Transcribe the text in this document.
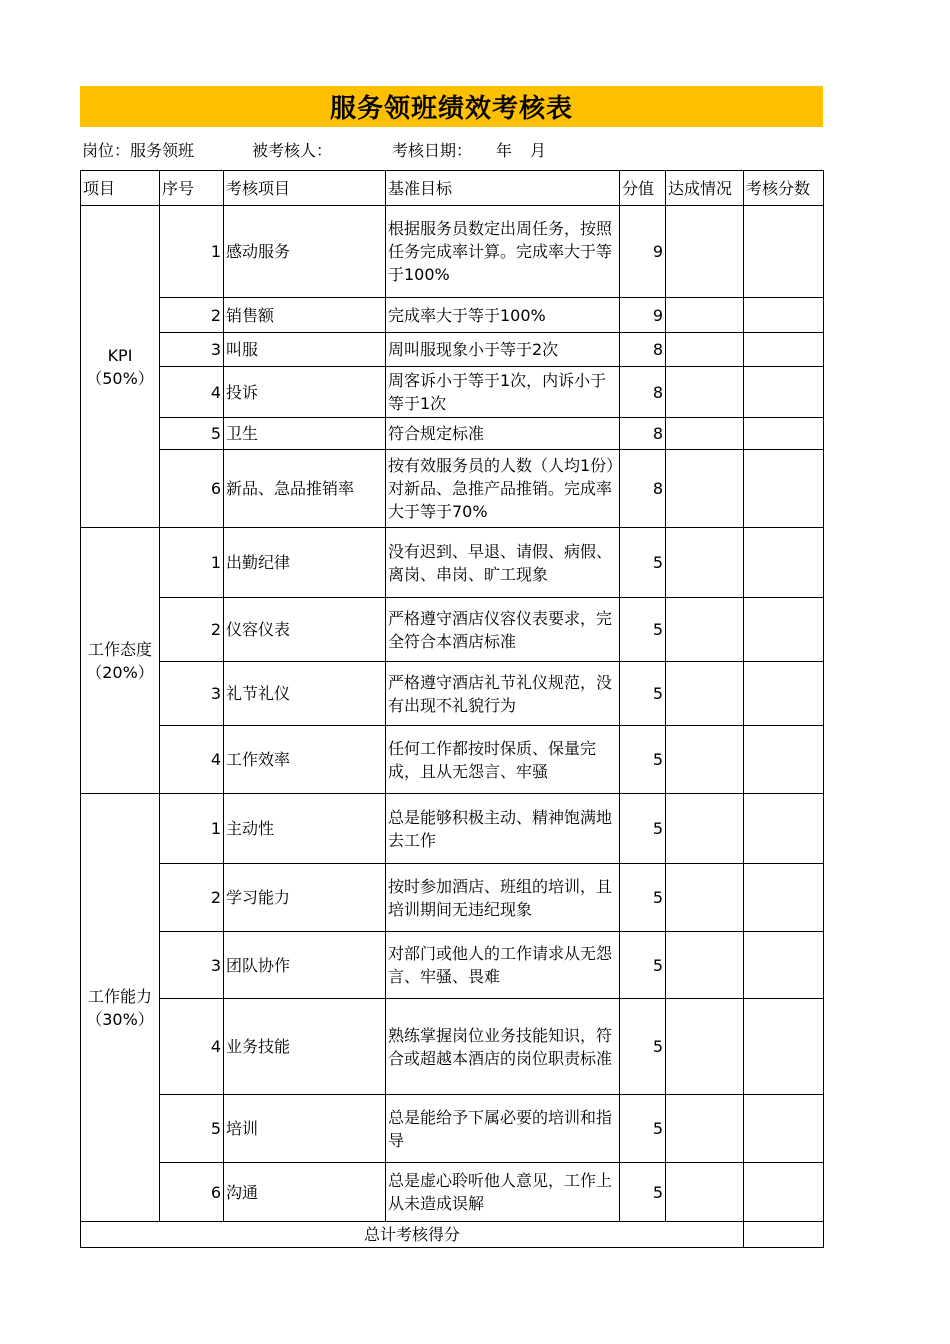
服务领班绩效考核表
岗位：服务领班	被考核人：	考核日期： 年 月
项目	序号	考核项目	基准目标	分值	达成情况	考核分数
KPI（50%）	1	感动服务	根据服务员数定出周任务，按照任务完成率计算。完成率大于等于100%	9		
	2	销售额	完成率大于等于100%	9		
	3	叫服	周叫服现象小于等于2次	8		
	4	投诉	周客诉小于等于1次，内诉小于等于1次	8		
	5	卫生	符合规定标准	8		
	6	新品、急品推销率	按有效服务员的人数（人均1份）对新品、急推产品推销。完成率大于等于70%	8		
工作态度（20%）	1	出勤纪律	没有迟到、早退、请假、病假、离岗、串岗、旷工现象	5		
	2	仪容仪表	严格遵守酒店仪容仪表要求，完全符合本酒店标准	5		
	3	礼节礼仪	严格遵守酒店礼节礼仪规范，没有出现不礼貌行为	5		
	4	工作效率	任何工作都按时保质、保量完成，且从无怨言、牢骚	5		
工作能力（30%）	1	主动性	总是能够积极主动、精神饱满地去工作	5		
	2	学习能力	按时参加酒店、班组的培训，且培训期间无违纪现象	5		
	3	团队协作	对部门或他人的工作请求从无怨言、牢骚、畏难	5		
	4	业务技能	熟练掌握岗位业务技能知识，符合或超越本酒店的岗位职责标准	5		
	5	培训	总是能给予下属必要的培训和指导	5		
	6	沟通	总是虚心聆听他人意见，工作上从未造成误解	5		
总计考核得分						
